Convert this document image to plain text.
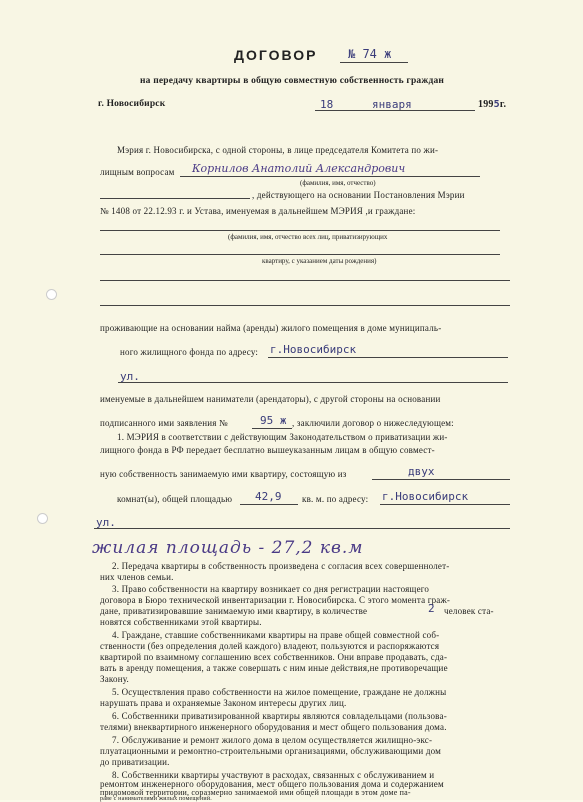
ДОГОВОР	№ 74 ж
на передачу квартиры в общую совместную собственность граждан
г. Новосибирск	18	января	1995г.
Мэрия г. Новосибирска, с одной стороны, в лице председателя Комитета по жи-
лищным вопросам Корнилов Анатолий Александрович
(фамилия, имя, отчество)
, действующего на основании Постановления Мэрии
№ 1408 от 22.12.93 г. и Устава, именуемая в дальнейшем МЭРИЯ ,и граждане:
(фамилия, имя, отчество всех лиц, приватизирующих
квартиру, с указанием даты рождения)
проживающие на основании найма (аренды) жилого помещения в доме муниципаль-
ного жилищного фонда по адресу: г.Новосибирск
ул.
именуемые в дальнейшем наниматели (арендаторы), с другой стороны на основании
подписанного ими заявления №	95 ж , заключили договор о нижеследующем:
1. МЭРИЯ в соответствии с действующим Законодательством о приватизации жи-
лищного фонда в РФ передает бесплатно вышеуказанным лицам в общую совмест-
ную собственность занимаемую ими квартиру, состоящую из	двух
комнат(ы), общей площадью 42,9 кв. м. по адресу: г.Новосибирск
ул.
жилая площадь - 27,2 кв.м
2. Передача квартиры в собственность произведена с согласия всех совершеннолет-
них членов семьи.
3. Право собственности на квартиру возникает со дня регистрации настоящего
договора в Бюро технической инвентаризации г. Новосибирска. С этого момента граж-
дане, приватизировавшие занимаемую ими квартиру, в количестве	2 человек ста-
новятся собственниками этой квартиры.
4. Граждане, ставшие собственниками квартиры на праве общей совместной соб-
ственности (без определения долей каждого) владеют, пользуются и распоряжаются
квартирой по взаимному соглашению всех собственников. Они вправе продавать, сда-
вать в аренду помещения, а также совершать с ним иные действия,не противоречащие
Закону.
5. Осуществления право собственности на жилое помещение, граждане не должны
нарушать права и охраняемые Законом интересы других лиц.
6. Собственники приватизированной квартиры являются совладельцами (пользова-
телями) внеквартирного инженерного оборудования и мест общего пользования дома.
7. Обслуживание и ремонт жилого дома в целом осуществляется жилищно-экс-
плуатационными и ремонтно-строительными организациями, обслуживающими дом
до приватизации.
8. Собственники квартиры участвуют в расходах, связанных с обслуживанием и
ремонтом инженерного оборудования, мест общего пользования дома и содержанием
придомовой территории, соразмерно занимаемой ими общей площади в этом доме па-
раве с нанимателями жилых помещений.
